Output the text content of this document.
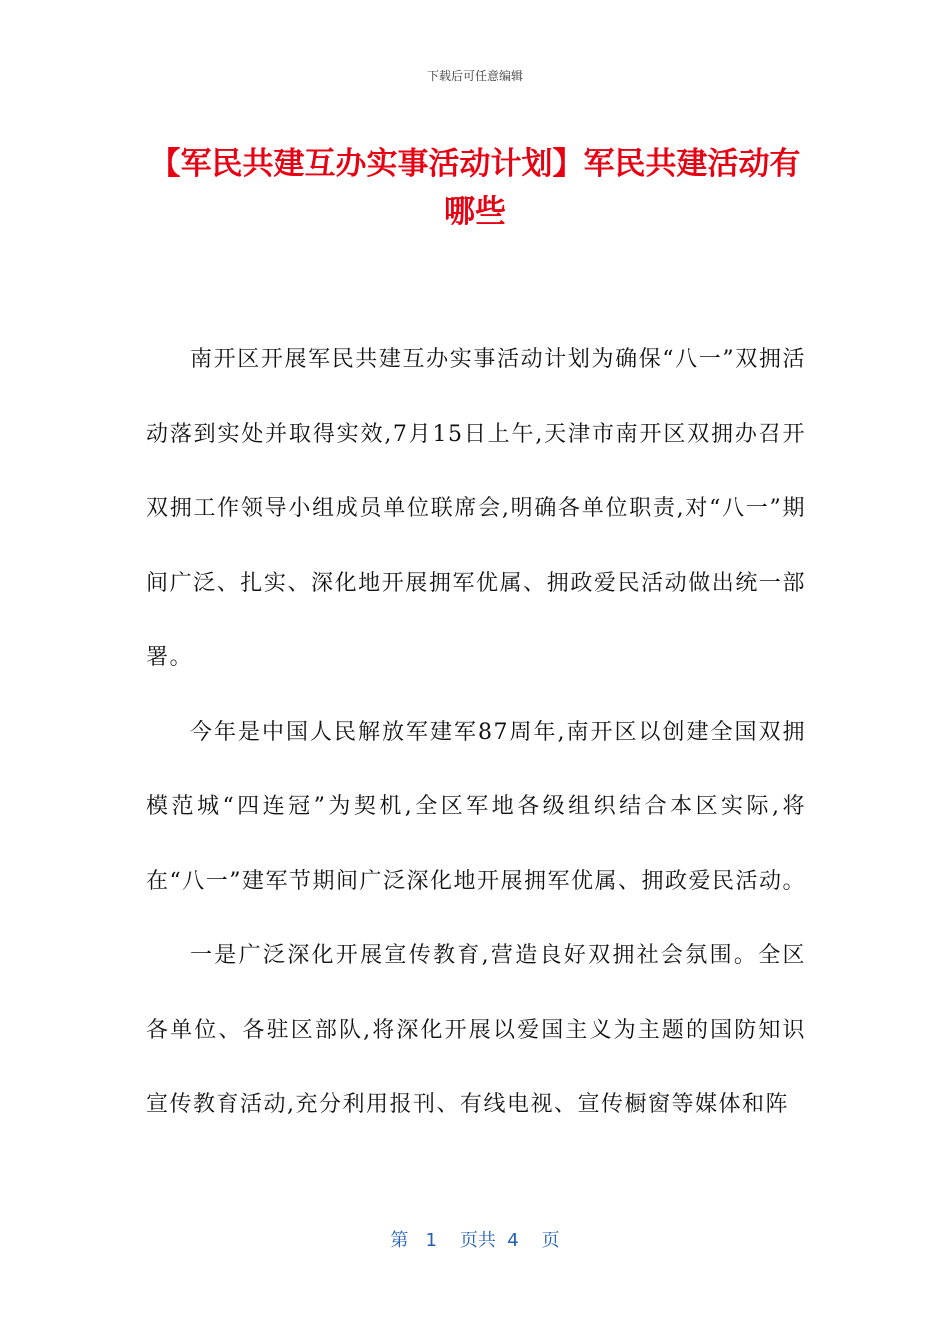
下载后可任意编辑
【军民共建互办实事活动计划】军民共建活动有哪些

南开区开展军民共建互办实事活动计划为确保“八一”双拥活动落到实处并取得实效,7月15日上午,天津市南开区双拥办召开双拥工作领导小组成员单位联席会,明确各单位职责,对“八一”期间广泛、扎实、深化地开展拥军优属、拥政爱民活动做出统一部署。

今年是中国人民解放军建军87周年,南开区以创建全国双拥模范城“四连冠”为契机,全区军地各级组织结合本区实际,将在“八一”建军节期间广泛深化地开展拥军优属、拥政爱民活动。

一是广泛深化开展宣传教育,营造良好双拥社会氛围。全区各单位、各驻区部队,将深化开展以爱国主义为主题的国防知识宣传教育活动,充分利用报刊、有线电视、宣传橱窗等媒体和阵

第   1    页共  4    页
